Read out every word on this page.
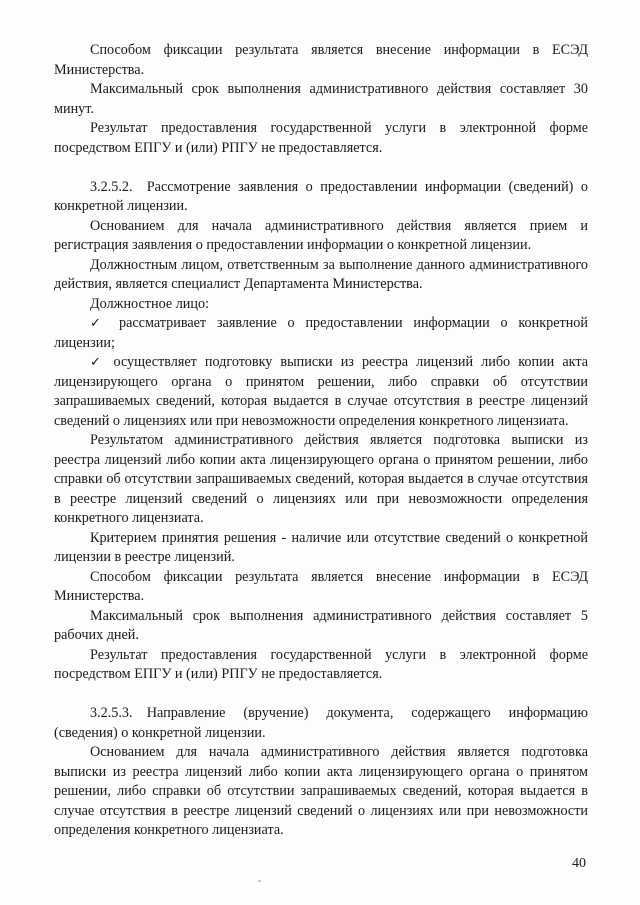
Способом фиксации результата является внесение информации в ЕСЭД Министерства.

Максимальный срок выполнения административного действия составляет 30 минут.

Результат предоставления государственной услуги в электронной форме посредством ЕПГУ и (или) РПГУ не предоставляется.

3.2.5.2. Рассмотрение заявления о предоставлении информации (сведений) о конкретной лицензии.

Основанием для начала административного действия является прием и регистрация заявления о предоставлении информации о конкретной лицензии.

Должностным лицом, ответственным за выполнение данного административного действия, является специалист Департамента Министерства.

Должностное лицо:

✓ рассматривает заявление о предоставлении информации о конкретной лицензии;

✓ осуществляет подготовку выписки из реестра лицензий либо копии акта лицензирующего органа о принятом решении, либо справки об отсутствии запрашиваемых сведений, которая выдается в случае отсутствия в реестре лицензий сведений о лицензиях или при невозможности определения конкретного лицензиата.

Результатом административного действия является подготовка выписки из реестра лицензий либо копии акта лицензирующего органа о принятом решении, либо справки об отсутствии запрашиваемых сведений, которая выдается в случае отсутствия в реестре лицензий сведений о лицензиях или при невозможности определения конкретного лицензиата.

Критерием принятия решения - наличие или отсутствие сведений о конкретной лицензии в реестре лицензий.

Способом фиксации результата является внесение информации в ЕСЭД Министерства.

Максимальный срок выполнения административного действия составляет 5 рабочих дней.

Результат предоставления государственной услуги в электронной форме посредством ЕПГУ и (или) РПГУ не предоставляется.

3.2.5.3. Направление (вручение) документа, содержащего информацию (сведения) о конкретной лицензии.

Основанием для начала административного действия является подготовка выписки из реестра лицензий либо копии акта лицензирующего органа о принятом решении, либо справки об отсутствии запрашиваемых сведений, которая выдается в случае отсутствия в реестре лицензий сведений о лицензиях или при невозможности определения конкретного лицензиата.

40
